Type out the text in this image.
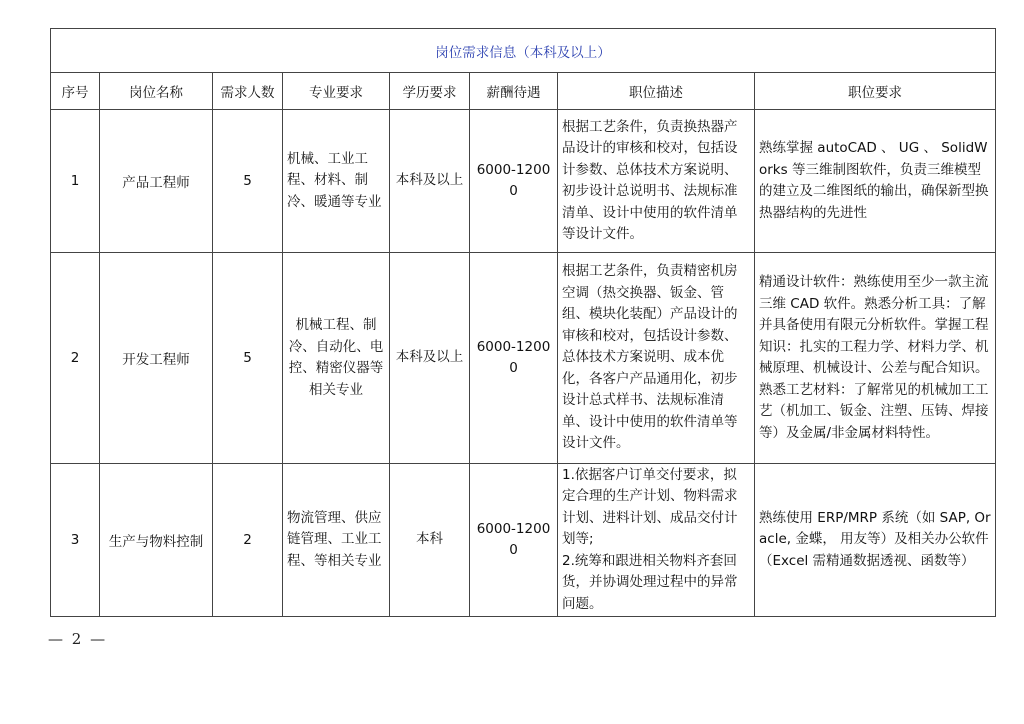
岗位需求信息（本科及以上）							
序号	岗位名称	需求人数	专业要求	学历要求	薪酬待遇	职位描述	职位要求
1	产品工程师	5	机械、工业工程、材料、制冷、暖通等专业	本科及以上	6000-12000	根据工艺条件，负责换热器产品设计的审核和校对，包括设计参数、总体技术方案说明、初步设计总说明书、法规标准清单、设计中使用的软件清单等设计文件。	熟练掌握 autoCAD 、 UG 、 SolidWorks 等三维制图软件，负责三维模型的建立及二维图纸的输出，确保新型换热器结构的先进性
2	开发工程师	5	机械工程、制冷、自动化、电控、精密仪器等相关专业	本科及以上	6000-12000	根据工艺条件，负责精密机房空调（热交换器、钣金、管组、模块化装配）产品设计的审核和校对，包括设计参数、总体技术方案说明、成本优化，各客户产品通用化，初步设计总式样书、法规标准清单、设计中使用的软件清单等设计文件。	精通设计软件：熟练使用至少一款主流三维 CAD 软件。熟悉分析工具：了解并具备使用有限元分析软件。掌握工程知识：扎实的工程力学、材料力学、机械原理、机械设计、公差与配合知识。熟悉工艺材料：了解常见的机械加工工艺（机加工、钣金、注塑、压铸、焊接等）及金属/非金属材料特性。
3	生产与物料控制	2	物流管理、供应链管理、工业工程、等相关专业	本科	6000-12000	1.依据客户订单交付要求，拟定合理的生产计划、物料需求计划、进料计划、成品交付计划等;
2.统筹和跟进相关物料齐套回货，并协调处理过程中的异常问题。	熟练使用 ERP/MRP 系统（如 SAP, Oracle, 金蝶， 用友等）及相关办公软件（Excel 需精通数据透视、函数等）
— 2 —
